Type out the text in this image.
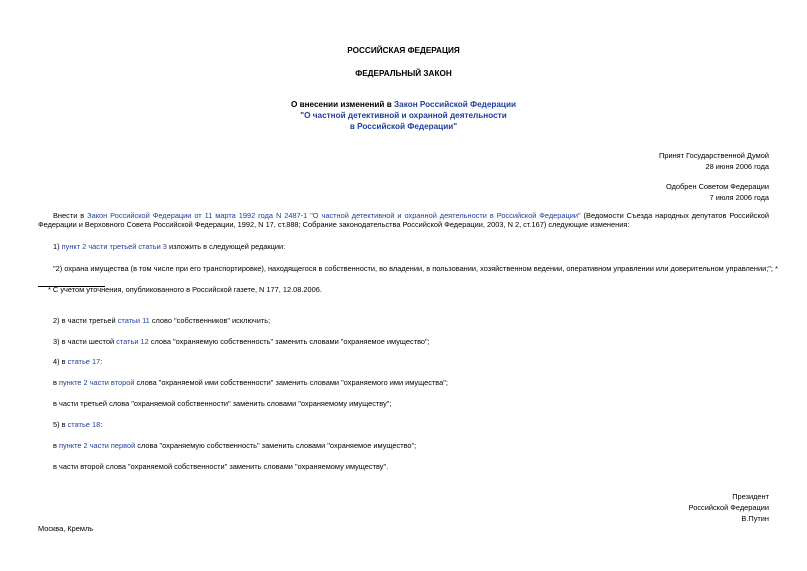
РОССИЙСКАЯ ФЕДЕРАЦИЯ
ФЕДЕРАЛЬНЫЙ ЗАКОН
О внесении изменений в Закон Российской Федерации
"О частной детективной и охранной деятельности
в Российской Федерации"
Принят Государственной Думой
28 июня 2006 года
Одобрен Советом Федерации
7 июля 2006 года
Внести в Закон Российской Федерации от 11 марта 1992 года N 2487-1 "О частной детективной и охранной деятельности в Российской Федерации" (Ведомости Съезда народных депутатов Российской Федерации и Верховного Совета Российской Федерации, 1992, N 17, ст.888; Собрание законодательства Российской Федерации, 2003, N 2, ст.167) следующие изменения:
1) пункт 2 части третьей статьи 3 изложить в следующей редакции:
"2) охрана имущества (в том числе при его транспортировке), находящегося в собственности, во владении, в пользовании, хозяйственном ведении, оперативном управлении или доверительном управлении;"; *
* С учетом уточнения, опубликованного в Российской газете, N 177, 12.08.2006.
2) в части третьей статьи 11 слово "собственников" исключить;
3) в части шестой статьи 12 слова "охраняемую собственность" заменить словами "охраняемое имущество";
4) в статье 17:
в пункте 2 части второй слова "охраняемой ими собственности" заменить словами "охраняемого ими имущества";
в части третьей слова "охраняемой собственности" заменить словами "охраняемому имуществу";
5) в статье 18:
в пункте 2 части первой слова "охраняемую собственность" заменить словами "охраняемое имущество";
в части второй слова "охраняемой собственности" заменить словами "охраняемому имуществу".
Президент
Российской Федерации
В.Путин
Москва, Кремль
